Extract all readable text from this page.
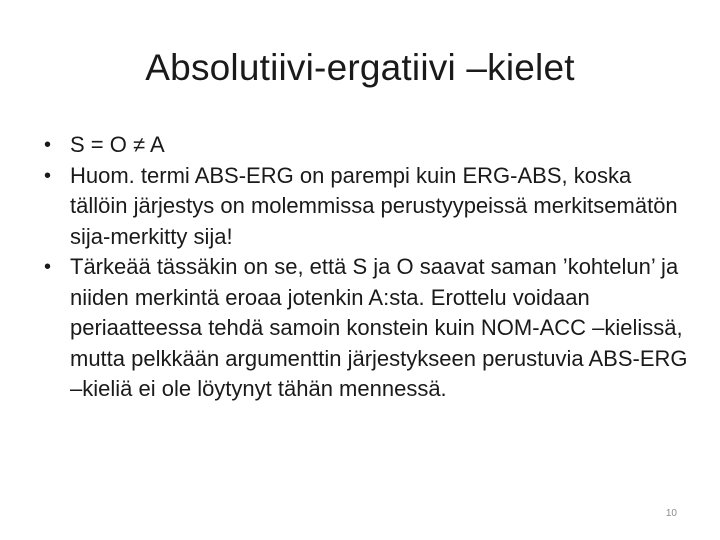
Absolutiivi-ergatiivi –kielet
• S = O ≠ A
• Huom. termi ABS-ERG on parempi kuin ERG-ABS, koska tällöin järjestys on molemmissa perustyypeissä merkitsemätön sija-merkitty sija!
• Tärkeää tässäkin on se, että S ja O saavat saman ’kohtelun’ ja niiden merkintä eroaa jotenkin A:sta. Erottelu voidaan periaatteessa tehdä samoin konstein kuin NOM-ACC –kielissä, mutta pelkkään argumenttin järjestykseen perustuvia ABS-ERG –kieliä ei ole löytynyt tähän mennessä.
10
